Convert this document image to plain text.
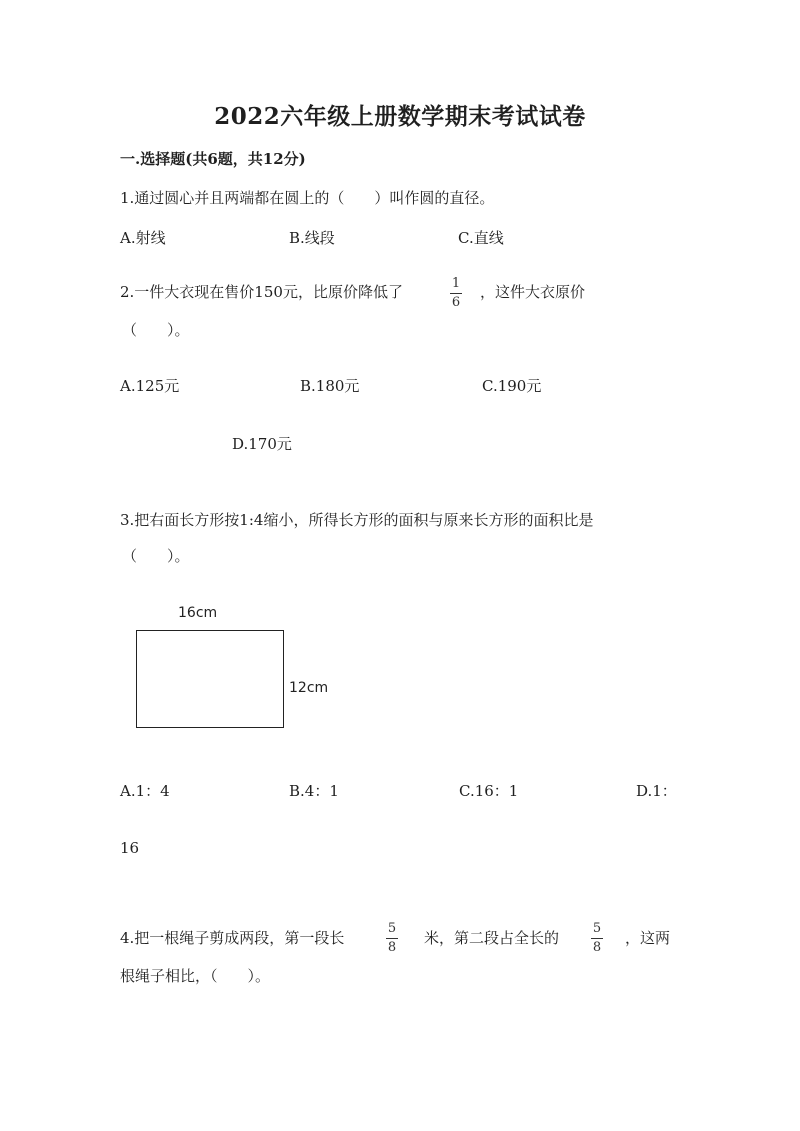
2022六年级上册数学期末考试试卷
一.选择题(共6题，共12分)
1.通过圆心并且两端都在圆上的（　　）叫作圆的直径。
A.射线	B.线段	C.直线
2.一件大衣现在售价150元，比原价降低了	1
6
，这件大衣原价
（　　）。
A.125元	B.180元	C.190元
D.170元
3.把右面长方形按1:4缩小，所得长方形的面积与原来长方形的面积比是
（　　）。
16cm
12cm
A.1：4	B.4：1	C.16：1	D.1：
16
4.把一根绳子剪成两段，第一段长
5
8
米，第二段占全长的
5
8
，这两
根绳子相比，（　　）。
